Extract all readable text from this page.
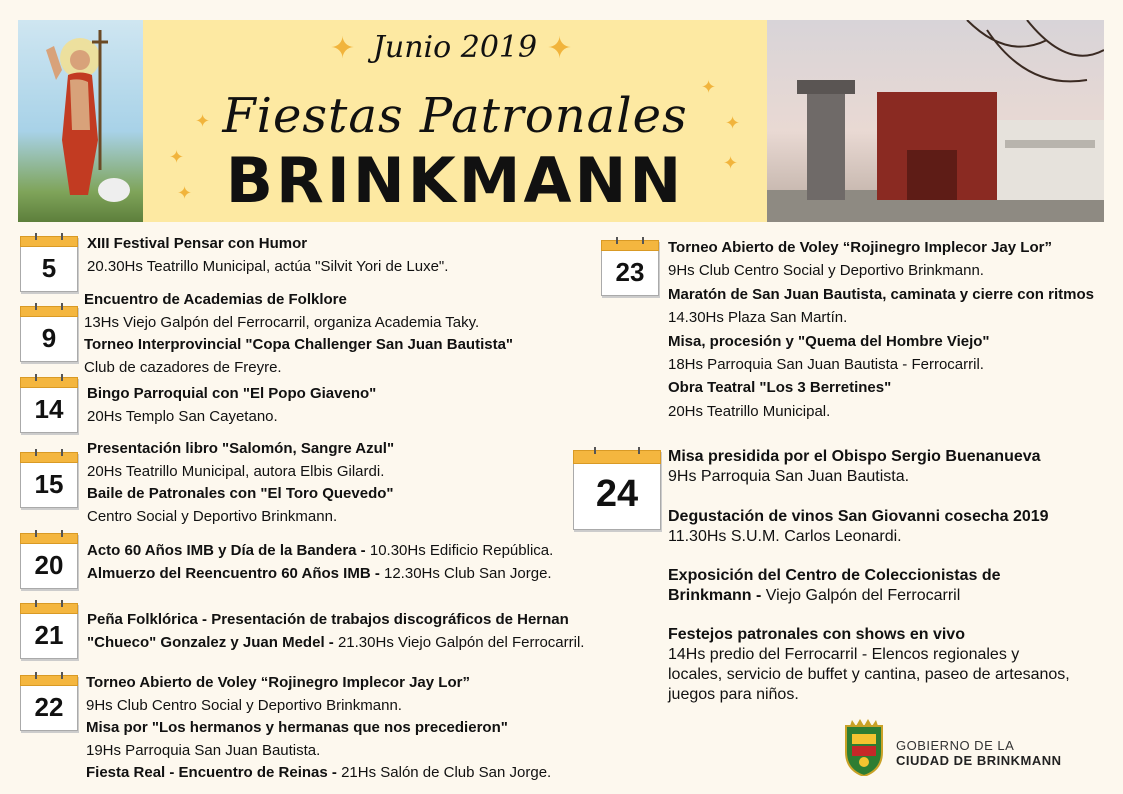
✦	✦
✦
✦
✦
✦
✦
✦
Junio 2019
Fiestas Patronales
BRINKMANN
5

XIII Festival Pensar con Humor

20.30Hs Teatrillo Municipal, actúa "Silvit Yori de Luxe".

9

Encuentro de Academias de Folklore

13Hs Viejo Galpón del Ferrocarril, organiza Academia Taky.

Torneo Interprovincial "Copa Challenger San Juan Bautista"

Club de cazadores de Freyre.

14

Bingo Parroquial con "El Popo Giaveno"

20Hs Templo San Cayetano.

15

Presentación libro "Salomón, Sangre Azul"

20Hs Teatrillo Municipal, autora Elbis Gilardi.

Baile de Patronales con "El Toro Quevedo"

Centro Social y Deportivo Brinkmann.

20	Acto 60 Años IMB y Día de la Bandera - 10.30Hs Edificio República.

Almuerzo del Reencuentro 60 Años IMB - 12.30Hs Club San Jorge.

21

Peña Folklórica - Presentación de trabajos discográficos de Hernan

"Chueco" Gonzalez y Juan Medel - 21.30Hs Viejo Galpón del Ferrocarril.

22

Torneo Abierto de Voley “Rojinegro Implecor Jay Lor”

9Hs Club Centro Social y Deportivo Brinkmann.

Misa por "Los hermanos y hermanas que nos precedieron"

19Hs Parroquia San Juan Bautista.

Fiesta Real - Encuentro de Reinas - 21Hs Salón de Club San Jorge.

23

Torneo Abierto de Voley “Rojinegro Implecor Jay Lor”

9Hs Club Centro Social y Deportivo Brinkmann.

Maratón de San Juan Bautista, caminata y cierre con ritmos

14.30Hs Plaza San Martín.

Misa, procesión y "Quema del Hombre Viejo"

18Hs Parroquia San Juan Bautista - Ferrocarril.

Obra Teatral "Los 3 Berretines"

20Hs Teatrillo Municipal.

24

Misa presidida por el Obispo Sergio Buenanueva

9Hs Parroquia San Juan Bautista.

Degustación de vinos San Giovanni cosecha 2019

11.30Hs S.U.M. Carlos Leonardi.

Exposición del Centro de Coleccionistas de

Brinkmann - Viejo Galpón del Ferrocarril

Festejos patronales con shows en vivo

14Hs predio del Ferrocarril - Elencos regionales y

locales, servicio de buffet y cantina, paseo de artesanos,

juegos para niños.

GOBIERNO DE LA
CIUDAD DE BRINKMANN
